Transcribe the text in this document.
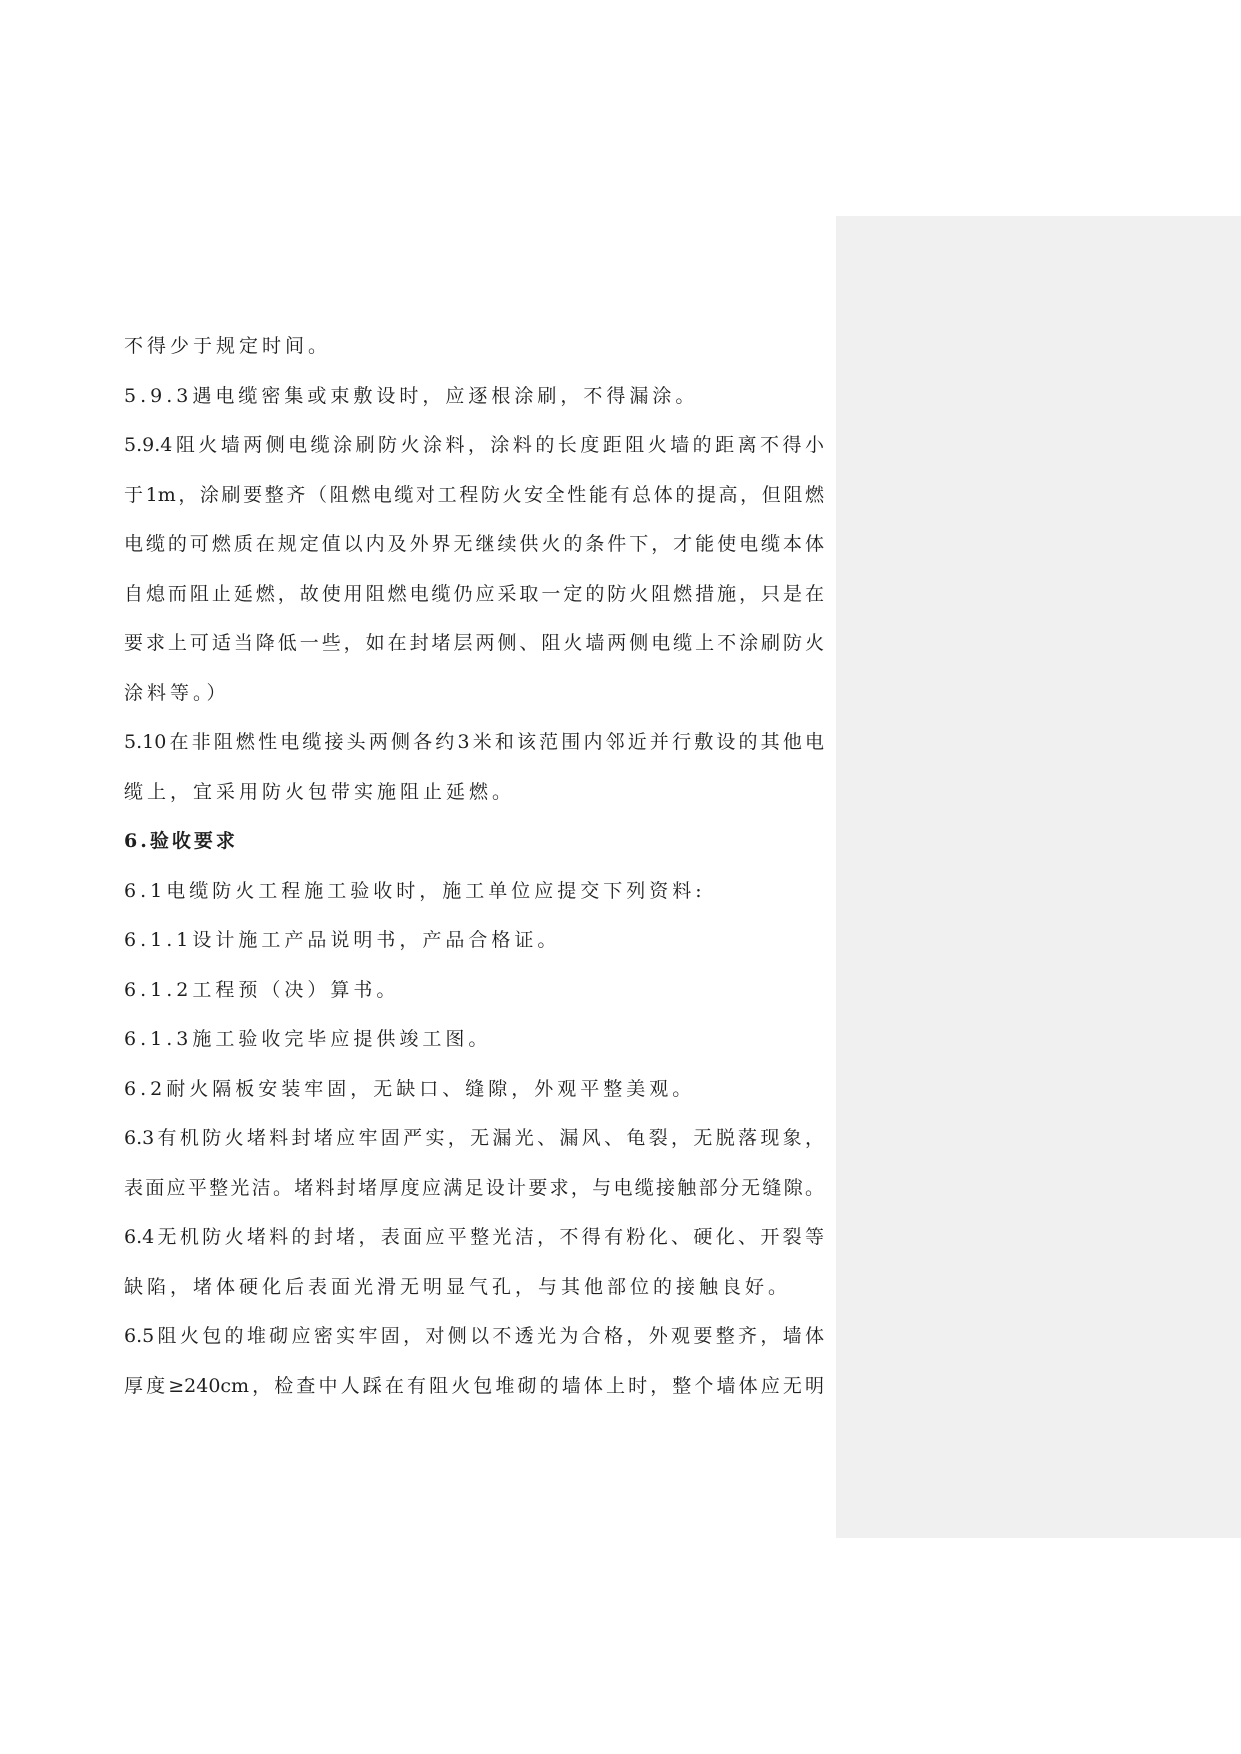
不得少于规定时间。
5.9.3遇电缆密集或束敷设时，应逐根涂刷，不得漏涂。
5.9.4阻火墙两侧电缆涂刷防火涂料，涂料的长度距阻火墙的距离不得小
于1m，涂刷要整齐（阻燃电缆对工程防火安全性能有总体的提高，但阻燃
电缆的可燃质在规定值以内及外界无继续供火的条件下，才能使电缆本体
自熄而阻止延燃，故使用阻燃电缆仍应采取一定的防火阻燃措施，只是在
要求上可适当降低一些，如在封堵层两侧、阻火墙两侧电缆上不涂刷防火
涂料等。）
5.10在非阻燃性电缆接头两侧各约3米和该范围内邻近并行敷设的其他电
缆上，宜采用防火包带实施阻止延燃。
6.验收要求
6.1电缆防火工程施工验收时，施工单位应提交下列资料:
6.1.1设计施工产品说明书，产品合格证。
6.1.2工程预（决）算书。
6.1.3施工验收完毕应提供竣工图。
6.2耐火隔板安装牢固，无缺口、缝隙，外观平整美观。
6.3有机防火堵料封堵应牢固严实，无漏光、漏风、龟裂，无脱落现象，
表面应平整光洁。堵料封堵厚度应满足设计要求，与电缆接触部分无缝隙。
6.4无机防火堵料的封堵，表面应平整光洁，不得有粉化、硬化、开裂等
缺陷，堵体硬化后表面光滑无明显气孔，与其他部位的接触良好。
6.5阻火包的堆砌应密实牢固，对侧以不透光为合格，外观要整齐，墙体
厚度≥240cm，检查中人踩在有阻火包堆砌的墙体上时，整个墙体应无明
